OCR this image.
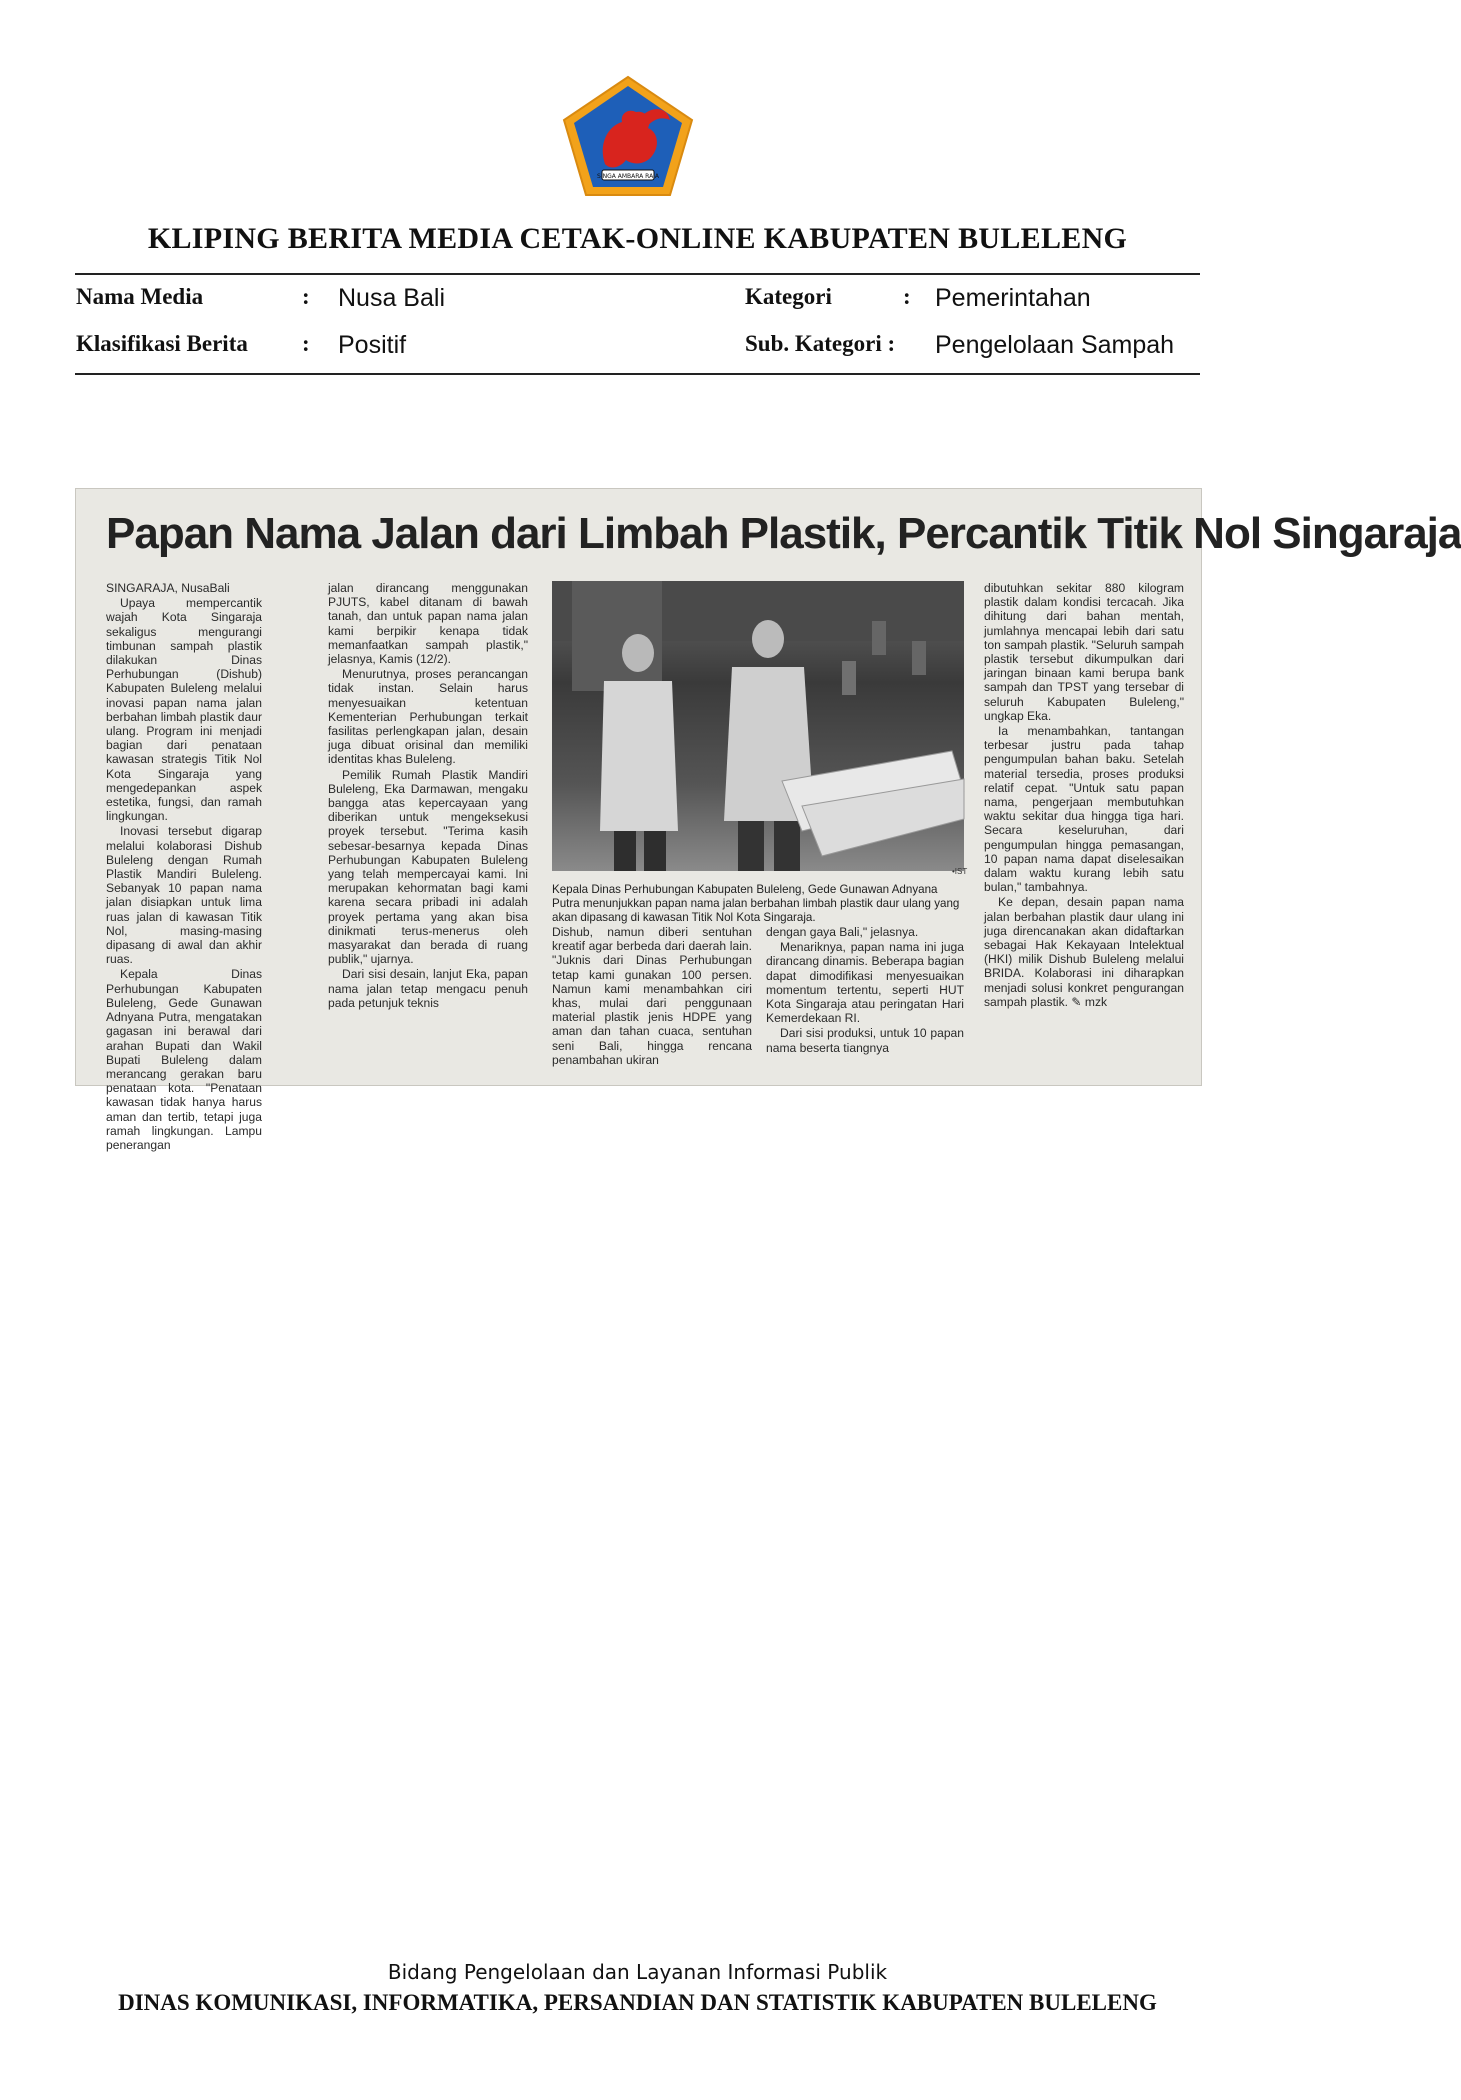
SINGA AMBARA RAJA
KLIPING BERITA MEDIA CETAK-ONLINE KABUPATEN BULELENG
Nama Media	: Nusa Bali	Kategori	: Pemerintahan
Klasifikasi Berita : Positif	Sub. Kategori : Pengelolaan Sampah
Papan Nama Jalan dari Limbah Plastik, Percantik Titik Nol Singaraja

SINGARAJA, NusaBali

Upaya mempercantik wajah Kota Singaraja sekaligus mengurangi timbunan sampah plastik dilakukan Dinas Perhubungan (Dishub) Kabupaten Buleleng melalui inovasi papan nama jalan berbahan limbah plastik daur ulang. Program ini menjadi bagian dari penataan kawasan strategis Titik Nol Kota Singaraja yang mengedepankan aspek estetika, fungsi, dan ramah lingkungan.

Inovasi tersebut digarap melalui kolaborasi Dishub Buleleng dengan Rumah Plastik Mandiri Buleleng. Sebanyak 10 papan nama jalan disiapkan untuk lima ruas jalan di kawasan Titik Nol, masing-masing dipasang di awal dan akhir ruas.

Kepala Dinas Perhubungan Kabupaten Buleleng, Gede Gunawan Adnyana Putra, mengatakan gagasan ini berawal dari arahan Bupati dan Wakil Bupati Buleleng dalam merancang gerakan baru penataan kota. "Penataan kawasan tidak hanya harus aman dan tertib, tetapi juga ramah lingkungan. Lampu penerangan

jalan dirancang menggunakan PJUTS, kabel ditanam di bawah tanah, dan untuk papan nama jalan kami berpikir kenapa tidak memanfaatkan sampah plastik," jelasnya, Kamis (12/2).

Menurutnya, proses perancangan tidak instan. Selain harus menyesuaikan ketentuan Kementerian Perhubungan terkait fasilitas perlengkapan jalan, desain juga dibuat orisinal dan memiliki identitas khas Buleleng.

Pemilik Rumah Plastik Mandiri Buleleng, Eka Darmawan, mengaku bangga atas kepercayaan yang diberikan untuk mengeksekusi proyek tersebut. "Terima kasih sebesar-besarnya kepada Dinas Perhubungan Kabupaten Buleleng yang telah mempercayai kami. Ini merupakan kehormatan bagi kami karena secara pribadi ini adalah proyek pertama yang akan bisa dinikmati terus-menerus oleh masyarakat dan berada di ruang publik," ujarnya.

Dari sisi desain, lanjut Eka, papan nama jalan tetap mengacu penuh pada petunjuk teknis

•IST
Kepala Dinas Perhubungan Kabupaten Buleleng, Gede Gunawan Adnyana Putra menunjukkan papan nama jalan berbahan limbah plastik daur ulang yang akan dipasang di kawasan Titik Nol Kota Singaraja.

Dishub, namun diberi sentuhan kreatif agar berbeda dari daerah lain. "Juknis dari Dinas Perhubungan tetap kami gunakan 100 persen. Namun kami menambahkan ciri khas, mulai dari penggunaan material plastik jenis HDPE yang aman dan tahan cuaca, sentuhan seni Bali, hingga rencana penambahan ukiran

dengan gaya Bali," jelasnya.

Menariknya, papan nama ini juga dirancang dinamis. Beberapa bagian dapat dimodifikasi menyesuaikan momentum tertentu, seperti HUT Kota Singaraja atau peringatan Hari Kemerdekaan RI.

Dari sisi produksi, untuk 10 papan nama beserta tiangnya

dibutuhkan sekitar 880 kilogram plastik dalam kondisi tercacah. Jika dihitung dari bahan mentah, jumlahnya mencapai lebih dari satu ton sampah plastik. "Seluruh sampah plastik tersebut dikumpulkan dari jaringan binaan kami berupa bank sampah dan TPST yang tersebar di seluruh Kabupaten Buleleng," ungkap Eka.

Ia menambahkan, tantangan terbesar justru pada tahap pengumpulan bahan baku. Setelah material tersedia, proses produksi relatif cepat. "Untuk satu papan nama, pengerjaan membutuhkan waktu sekitar dua hingga tiga hari. Secara keseluruhan, dari pengumpulan hingga pemasangan, 10 papan nama dapat diselesaikan dalam waktu kurang lebih satu bulan," tambahnya.

Ke depan, desain papan nama jalan berbahan plastik daur ulang ini juga direncanakan akan didaftarkan sebagai Hak Kekayaan Intelektual (HKI) milik Dishub Buleleng melalui BRIDA. Kolaborasi ini diharapkan menjadi solusi konkret pengurangan sampah plastik. ✎ mzk

Bidang Pengelolaan dan Layanan Informasi Publik
DINAS KOMUNIKASI, INFORMATIKA, PERSANDIAN DAN STATISTIK KABUPATEN BULELENG
